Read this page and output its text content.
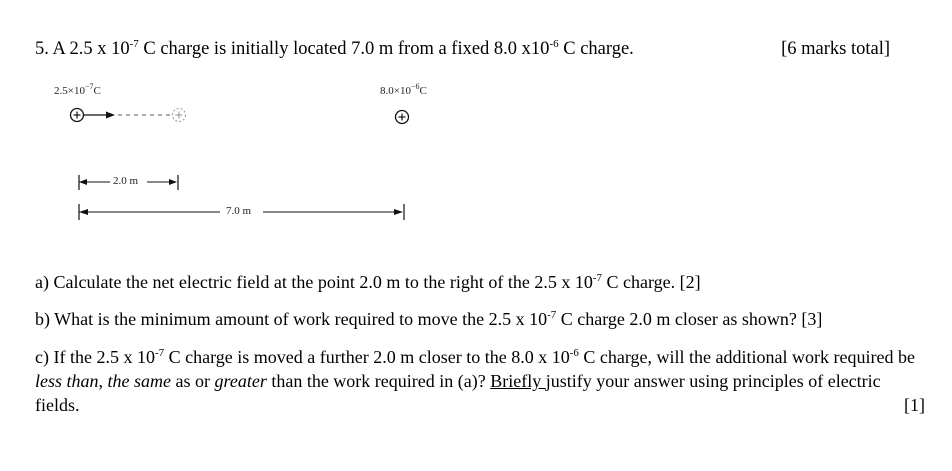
5. A 2.5 x $10^{-7}$ C charge is initially located 7.0 m from a fixed 8.0 $x10^{-6}$ C charge.	[6 marks total]
$2.5\times 10^{-7}C$	$8.0\times 10^{-6}C$
2.0 m
7.0 m
a) Calculate the net electric field at the point 2.0 m to the right of the 2.5 x $10^{-7}$ C charge. [2]
b) What is the minimum amount of work required to move the 2.5 x $10^{-7}$ C charge 2.0 m closer as shown? [3]
c) If the 2.5 x $10^{-7}$ C charge is moved a further 2.0 m closer to the 8.0 x $10^{-6}$ C charge, will the additional work required be less than, the same as or greater than the work required in (a)? Briefly justify your answer using principles of electric fields.	[1]
